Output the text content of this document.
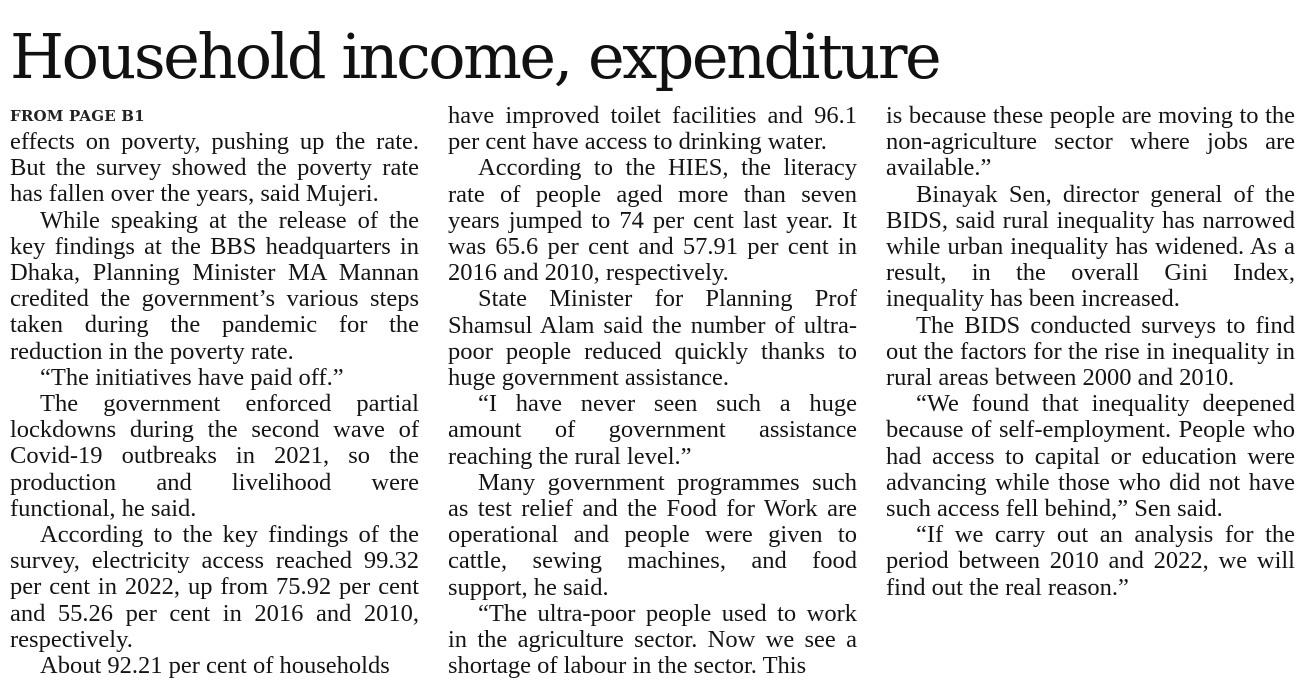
Household income, expenditure
FROM PAGE B1

effects on poverty, pushing up the rate. But the survey showed the poverty rate has fallen over the years, said Mujeri.

While speaking at the release of the key findings at the BBS headquarters in Dhaka, Planning Minister MA Mannan credited the government’s various steps taken during the pandemic for the reduction in the poverty rate.

“The initiatives have paid off.”

The government enforced partial lockdowns during the second wave of Covid-19 outbreaks in 2021, so the production and livelihood were functional, he said.

According to the key findings of the survey, electricity access reached 99.32 per cent in 2022, up from 75.92 per cent and 55.26 per cent in 2016 and 2010, respectively.

About 92.21 per cent of households

have improved toilet facilities and 96.1 per cent have access to drinking water.

According to the HIES, the literacy rate of people aged more than seven years jumped to 74 per cent last year. It was 65.6 per cent and 57.91 per cent in 2016 and 2010, respectively.

State Minister for Planning Prof Shamsul Alam said the number of ultra-poor people reduced quickly thanks to huge government assistance.

“I have never seen such a huge amount of government assistance reaching the rural level.”

Many government programmes such as test relief and the Food for Work are operational and people were given to cattle, sewing machines, and food support, he said.

“The ultra-poor people used to work in the agriculture sector. Now we see a shortage of labour in the sector. This

is because these people are moving to the non-agriculture sector where jobs are available.”

Binayak Sen, director general of the BIDS, said rural inequality has narrowed while urban inequality has widened. As a result, in the overall Gini Index, inequality has been increased.

The BIDS conducted surveys to find out the factors for the rise in inequality in rural areas between 2000 and 2010.

“We found that inequality deepened because of self-employment. People who had access to capital or education were advancing while those who did not have such access fell behind,” Sen said.

“If we carry out an analysis for the period between 2010 and 2022, we will find out the real reason.”
